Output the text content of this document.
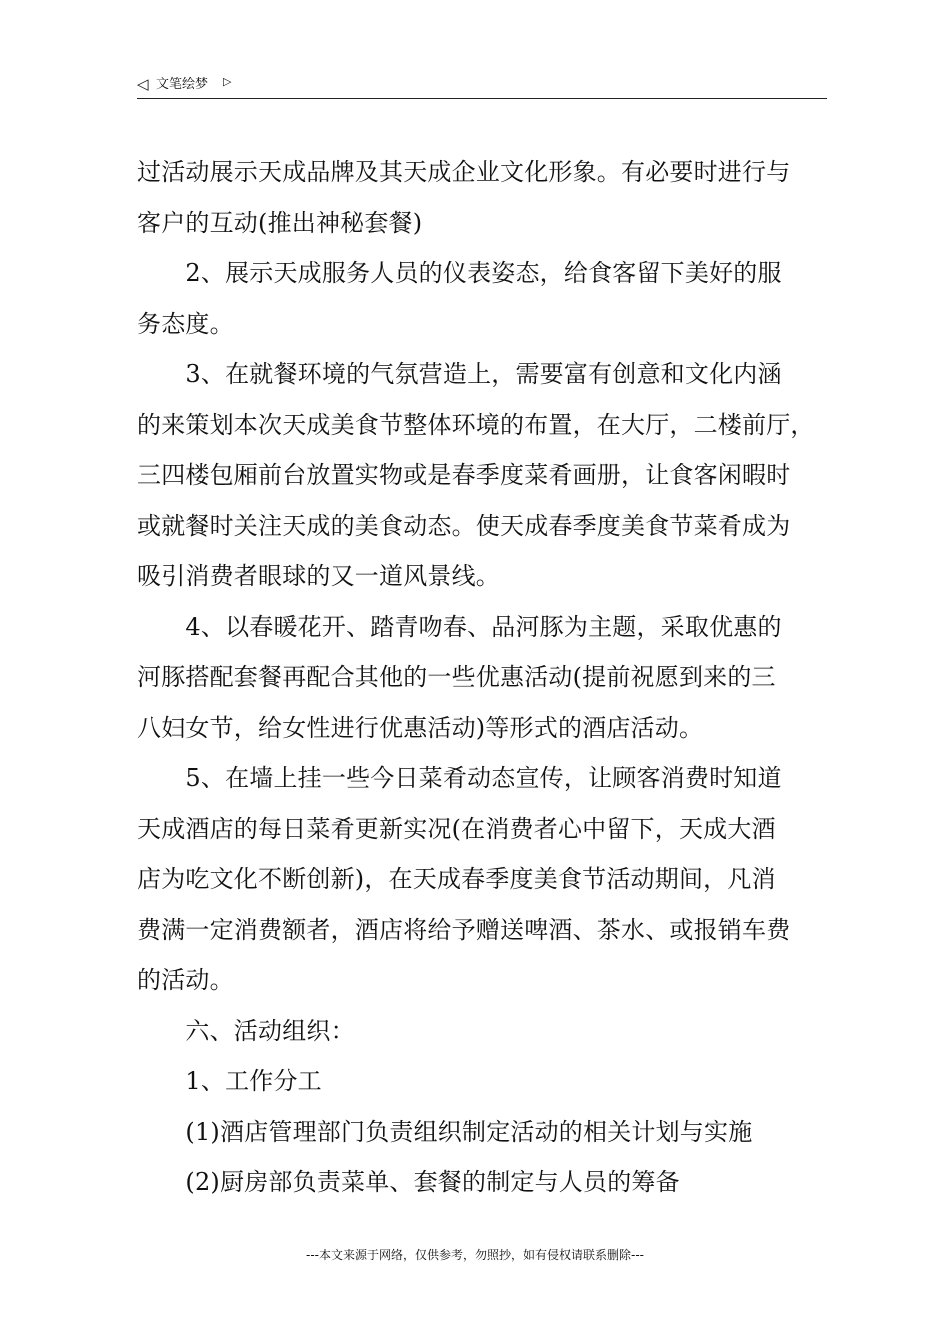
◁ 文笔绘梦 ▷
过活动展示天成品牌及其天成企业文化形象。有必要时进行与
客户的互动(推出神秘套餐)
　　2、展示天成服务人员的仪表姿态，给食客留下美好的服
务态度。
　　3、在就餐环境的气氛营造上，需要富有创意和文化内涵
的来策划本次天成美食节整体环境的布置，在大厅，二楼前厅，
三四楼包厢前台放置实物或是春季度菜肴画册，让食客闲暇时
或就餐时关注天成的美食动态。使天成春季度美食节菜肴成为
吸引消费者眼球的又一道风景线。
　　4、以春暖花开、踏青吻春、品河豚为主题，采取优惠的
河豚搭配套餐再配合其他的一些优惠活动(提前祝愿到来的三
八妇女节，给女性进行优惠活动)等形式的酒店活动。
　　5、在墙上挂一些今日菜肴动态宣传，让顾客消费时知道
天成酒店的每日菜肴更新实况(在消费者心中留下，天成大酒
店为吃文化不断创新)，在天成春季度美食节活动期间，凡消
费满一定消费额者，酒店将给予赠送啤酒、茶水、或报销车费
的活动。
　　六、活动组织：
　　1、工作分工
　　(1)酒店管理部门负责组织制定活动的相关计划与实施
　　(2)厨房部负责菜单、套餐的制定与人员的筹备
---本文来源于网络，仅供参考，勿照抄，如有侵权请联系删除---
